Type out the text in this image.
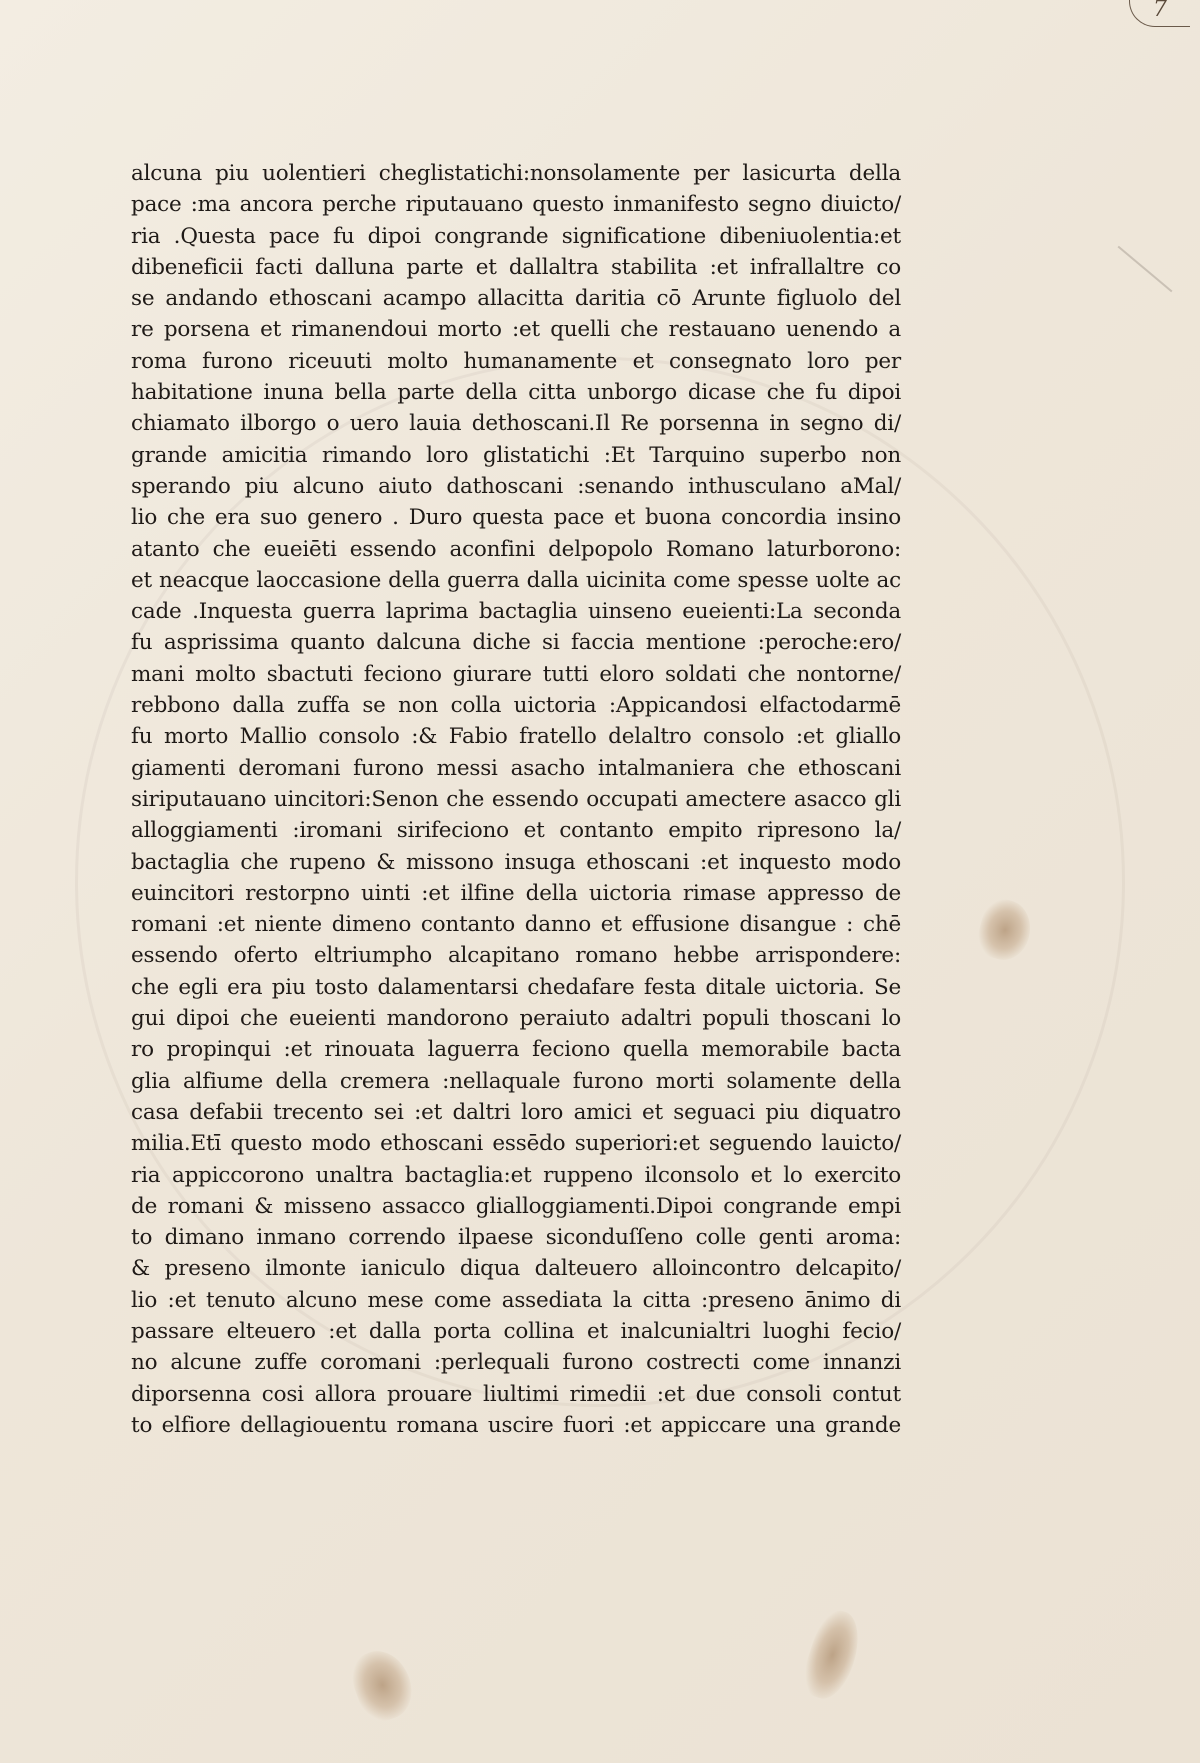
7
alcuna piu uolentieri cheglistatichi:nonsolamente per lasicurta della
pace :ma ancora perche riputauano questo inmanifesto segno diuicto/
ria .Questa pace fu dipoi congrande significatione dibeniuolentia:et
dibeneficii facti dalluna parte et dallaltra stabilita :et infrallaltre co
se andando ethoscani acampo allacitta daritia cō Arunte figluolo del
re porsena et rimanendoui morto :et quelli che restauano uenendo a
roma furono riceuuti molto humanamente et consegnato loro per
habitatione inuna bella parte della citta unborgo dicase che fu dipoi
chiamato ilborgo o uero lauia dethoscani.Il Re porsenna in segno di/
grande amicitia rimando loro glistatichi :Et Tarquino superbo non
sperando piu alcuno aiuto dathoscani :senando inthusculano aMal/
lio che era suo genero . Duro questa pace et buona concordia insino
atanto che eueiēti essendo aconfini delpopolo Romano laturborono:
et neacque laoccasione della guerra dalla uicinita come spesse uolte ac
cade .Inquesta guerra laprima bactaglia uinseno eueienti:La seconda
fu asprissima quanto dalcuna diche si faccia mentione :peroche:ero/
mani molto sbactuti feciono giurare tutti eloro soldati che nontorne/
rebbono dalla zuffa se non colla uictoria :Appicandosi elfactodarmē
fu morto Mallio consolo :& Fabio fratello delaltro consolo :et gliallo
giamenti deromani furono messi asacho intalmaniera che ethoscani
siriputauano uincitori:Senon che essendo occupati amectere asacco gli
alloggiamenti :iromani sirifeciono et contanto empito ripresono la/
bactaglia che rupeno & missono insuga ethoscani :et inquesto modo
euincitori restorpno uinti :et ilfine della uictoria rimase appresso de
romani :et niente dimeno contanto danno et effusione disangue : chē
essendo oferto eltriumpho alcapitano romano hebbe arrispondere:
che egli era piu tosto dalamentarsi chedafare festa ditale uictoria. Se
gui dipoi che eueienti mandorono peraiuto adaltri populi thoscani lo
ro propinqui :et rinouata laguerra feciono quella memorabile bacta
glia alfiume della cremera :nellaquale furono morti solamente della
casa defabii trecento sei :et daltri loro amici et seguaci piu diquatro
milia.Etī questo modo ethoscani essēdo superiori:et seguendo lauicto/
ria appiccorono unaltra bactaglia:et ruppeno ilconsolo et lo exercito
de romani & misseno assacco glialloggiamenti.Dipoi congrande empi
to dimano inmano correndo ilpaese siconduſſeno colle genti aroma:
& preseno ilmonte ianiculo diqua dalteuero alloincontro delcapito/
lio :et tenuto alcuno mese come assediata la citta :preseno ānimo di
passare elteuero :et dalla porta collina et inalcunialtri luoghi fecio/
no alcune zuffe coromani :perlequali furono costrecti come innanzi
diporsenna cosi allora prouare liultimi rimedii :et due consoli contut
to elfiore dellagiouentu romana uscire fuori :et appiccare una grande
